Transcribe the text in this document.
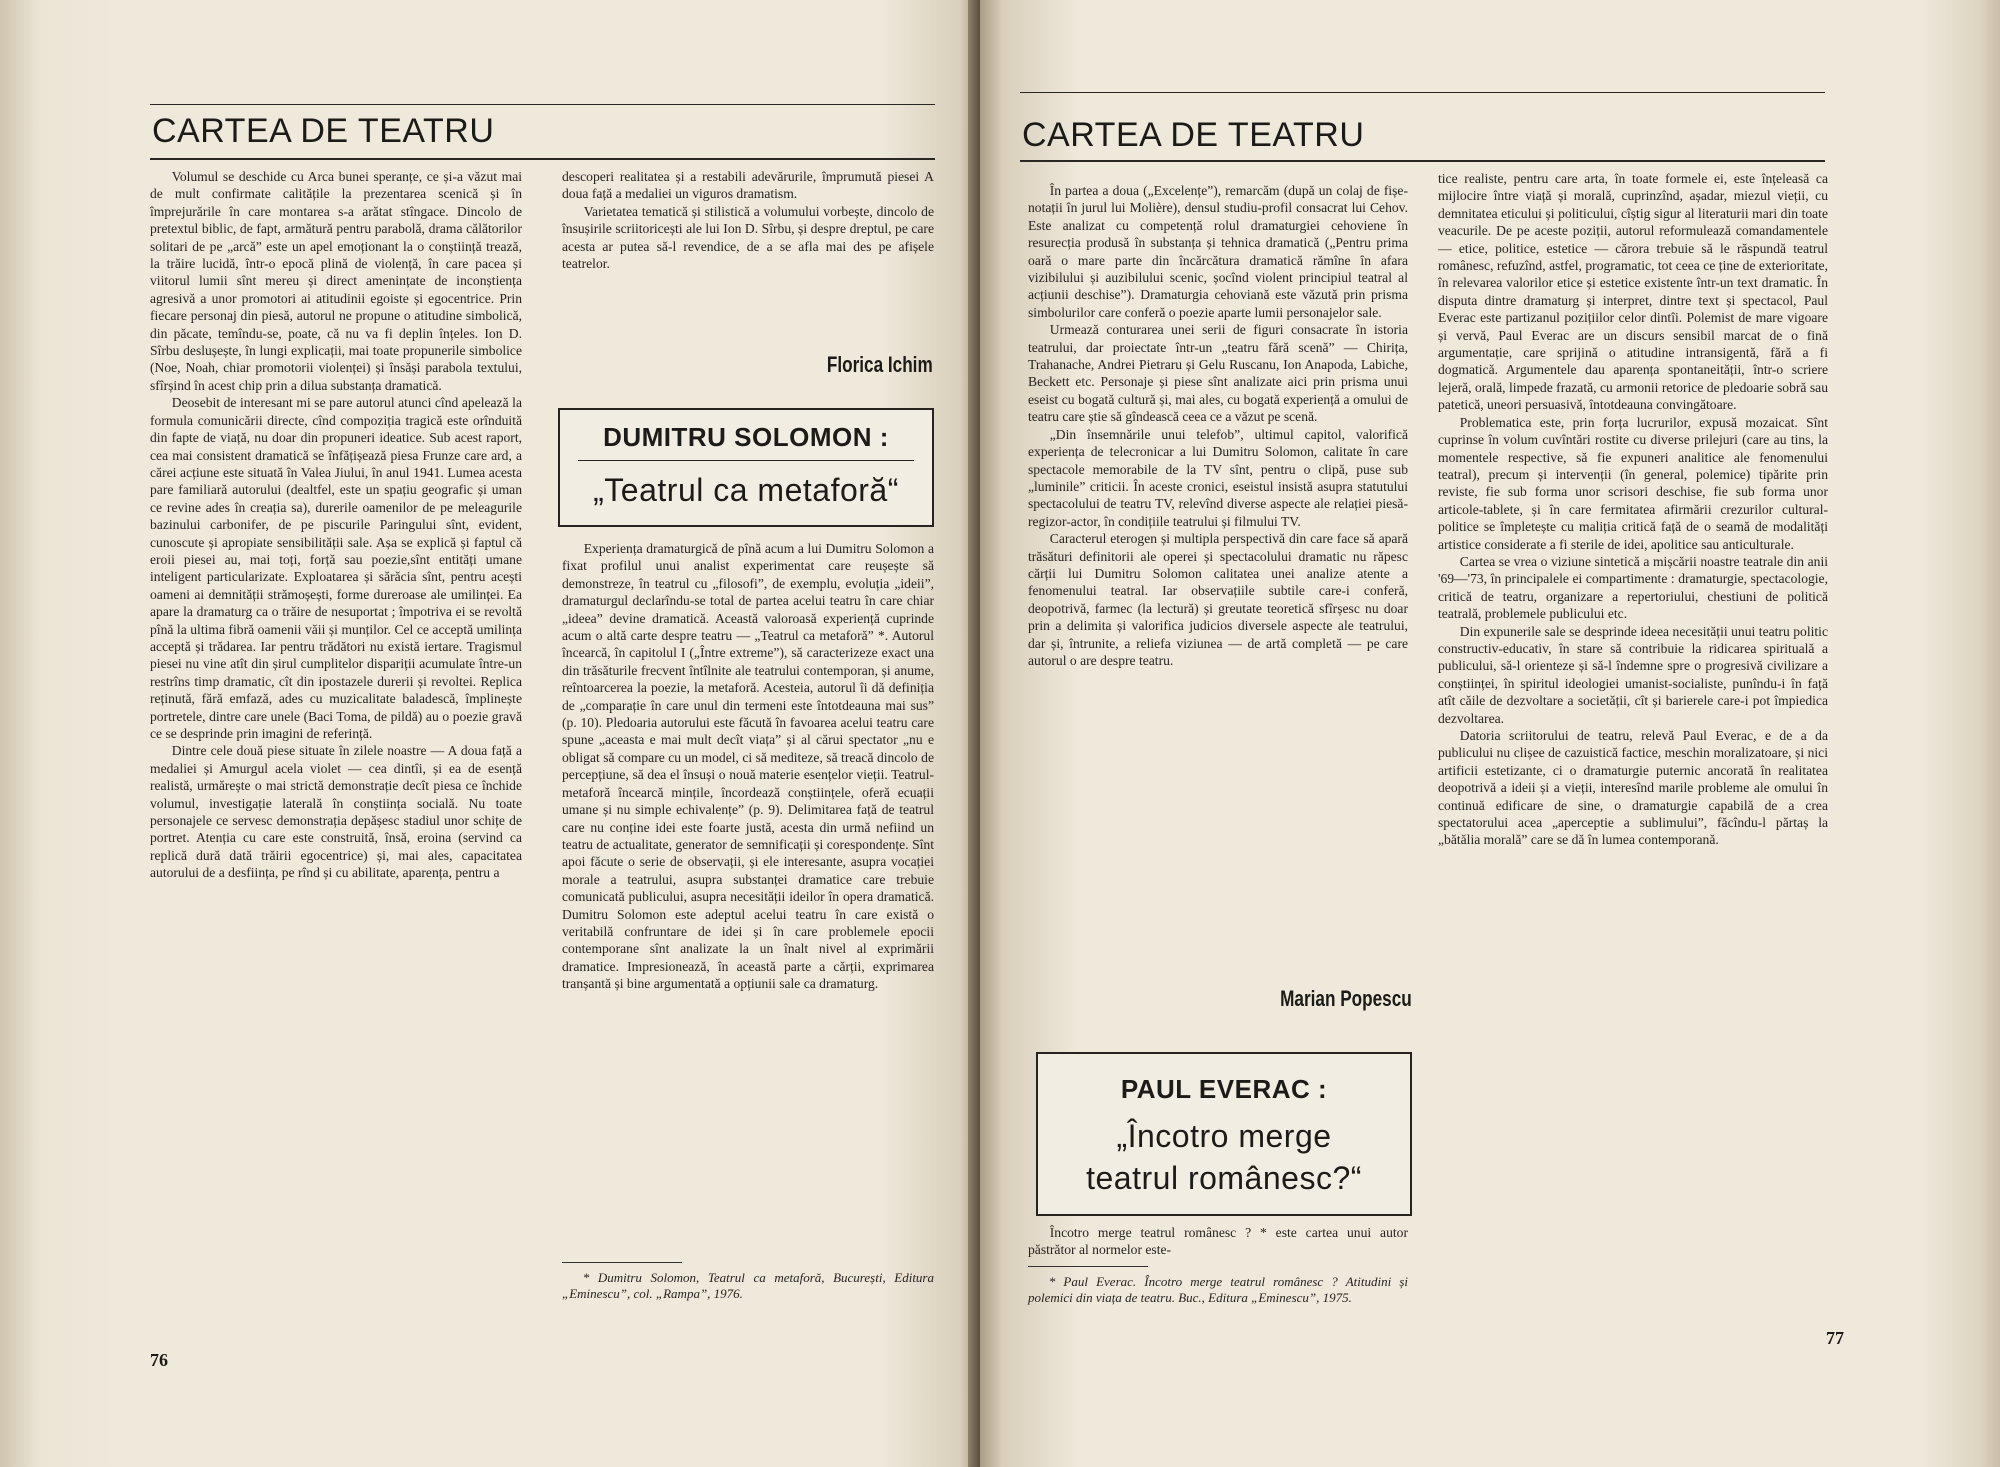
CARTEA DE TEATRU

Volumul se deschide cu Arca bunei speranțe, ce și-a văzut mai de mult confirmate calitățile la prezentarea scenică și în împrejurările în care montarea s-a arătat stîngace. Dincolo de pretextul biblic, de fapt, armătură pentru parabolă, drama călătorilor solitari de pe „arcă” este un apel emoționant la o conștiință trează, la trăire lucidă, într-o epocă plină de violență, în care pacea și viitorul lumii sînt mereu și direct amenințate de inconștiența agresivă a unor promotori ai atitudinii egoiste și egocentrice. Prin fiecare personaj din piesă, autorul ne propune o atitudine simbolică, din păcate, temîndu-se, poate, că nu va fi deplin înțeles. Ion D. Sîrbu deslușește, în lungi explicații, mai toate propunerile simbolice (Noe, Noah, chiar promotorii violenței) și însăși parabola textului, sfîrșind în acest chip prin a dilua substanța dramatică.

Deosebit de interesant mi se pare autorul atunci cînd apelează la formula comunicării directe, cînd compoziția tragică este orînduită din fapte de viață, nu doar din propuneri ideatice. Sub acest raport, cea mai consistent dramatică se înfățișează piesa Frunze care ard, a cărei acțiune este situată în Valea Jiului, în anul 1941. Lumea acesta pare familiară autorului (dealtfel, este un spațiu geografic și uman ce revine ades în creația sa), durerile oamenilor de pe meleagurile bazinului carbonifer, de pe piscurile Paringului sînt, evident, cunoscute și apropiate sensibilității sale. Așa se explică și faptul că eroii piesei au, mai toți, forță sau poezie,sînt entități umane inteligent particularizate. Exploatarea și sărăcia sînt, pentru acești oameni ai demnității strămoșești, forme dureroase ale umilinței. Ea apare la dramaturg ca o trăire de nesuportat ; împotriva ei se revoltă pînă la ultima fibră oamenii văii și munților. Cel ce acceptă umilința acceptă și trădarea. Iar pentru trădători nu există iertare. Tragismul piesei nu vine atît din șirul cumplitelor dispariții acumulate între-un restrîns timp dramatic, cît din ipostazele durerii și revoltei. Replica reținută, fără emfază, ades cu muzicalitate baladescă, împlinește portretele, dintre care unele (Baci Toma, de pildă) au o poezie gravă ce se desprinde prin imagini de referință.

Dintre cele două piese situate în zilele noastre — A doua față a medaliei și Amurgul acela violet — cea dintîi, și ea de esență realistă, urmărește o mai strictă demonstrație decît piesa ce închide volumul, investigație laterală în conștiința socială. Nu toate personajele ce servesc demonstrația depășesc stadiul unor schițe de portret. Atenția cu care este construită, însă, eroina (servind ca replică dură dată trăirii egocentrice) și, mai ales, capacitatea autorului de a desființa, pe rînd și cu abilitate, aparența, pentru a

descoperi realitatea și a restabili adevărurile, împrumută piesei A doua față a medaliei un viguros dramatism.

Varietatea tematică și stilistică a volumului vorbește, dincolo de însușirile scriitoricești ale lui Ion D. Sîrbu, și despre dreptul, pe care acesta ar putea să-l revendice, de a se afla mai des pe afișele teatrelor.

Florica Ichim
DUMITRU SOLOMON :
„Teatrul ca metaforă“

Experiența dramaturgică de pînă acum a lui Dumitru Solomon a fixat profilul unui analist experimentat care reușește să demonstreze, în teatrul cu „filosofi”, de exemplu, evoluția „ideii”, dramaturgul declarîndu-se total de partea acelui teatru în care chiar „ideea” devine dramatică. Această valoroasă experiență cuprinde acum o altă carte despre teatru — „Teatrul ca metaforă” *. Autorul încearcă, în capitolul I („Între extreme”), să caracterizeze exact una din trăsăturile frecvent întîlnite ale teatrului contemporan, și anume, reîntoarcerea la poezie, la metaforă. Acesteia, autorul îi dă definiția de „comparație în care unul din termeni este întotdeauna mai sus” (p. 10). Pledoaria autorului este făcută în favoarea acelui teatru care spune „aceasta e mai mult decît viața” și al cărui spectator „nu e obligat să compare cu un model, ci să mediteze, să treacă dincolo de percepțiune, să dea el însuși o nouă materie esențelor vieții. Teatrul-metaforă încearcă mințile, încordează conștiințele, oferă ecuații umane și nu simple echivalențe” (p. 9). Delimitarea față de teatrul care nu conține idei este foarte justă, acesta din urmă nefiind un teatru de actualitate, generator de semnificații și corespondențe. Sînt apoi făcute o serie de observații, și ele interesante, asupra vocației morale a teatrului, asupra substanței dramatice care trebuie comunicată publicului, asupra necesității ideilor în opera dramatică. Dumitru Solomon este adeptul acelui teatru în care există o veritabilă confruntare de idei și în care problemele epocii contemporane sînt analizate la un înalt nivel al exprimării dramatice. Impresionează, în această parte a cărții, exprimarea tranșantă și bine argumentată a opțiunii sale ca dramaturg.

* Dumitru Solomon, Teatrul ca metaforă, București, Editura „Eminescu”, col. „Rampa”, 1976.

76
CARTEA DE TEATRU

În partea a doua („Excelențe”), remarcăm (după un colaj de fișe-notații în jurul lui Molière), densul studiu-profil consacrat lui Cehov. Este analizat cu competență rolul dramaturgiei cehoviene în resurecția produsă în substanța și tehnica dramatică („Pentru prima oară o mare parte din încărcătura dramatică rămîne în afara vizibilului și auzibilului scenic, șocînd violent principiul teatral al acțiunii deschise”). Dramaturgia cehoviană este văzută prin prisma simbolurilor care conferă o poezie aparte lumii personajelor sale.

Urmează conturarea unei serii de figuri consacrate în istoria teatrului, dar proiectate într-un „teatru fără scenă” — Chirița, Trahanache, Andrei Pietraru și Gelu Ruscanu, Ion Anapoda, Labiche, Beckett etc. Personaje și piese sînt analizate aici prin prisma unui eseist cu bogată cultură și, mai ales, cu bogată experiență a omului de teatru care știe să gîndească ceea ce a văzut pe scenă.

„Din însemnările unui telefob”, ultimul capitol, valorifică experiența de telecronicar a lui Dumitru Solomon, calitate în care spectacole memorabile de la TV sînt, pentru o clipă, puse sub „luminile” criticii. În aceste cronici, eseistul insistă asupra statutului spectacolului de teatru TV, relevînd diverse aspecte ale relației piesă-regizor-actor, în condițiile teatrului și filmului TV.

Caracterul eterogen și multipla perspectivă din care face să apară trăsături definitorii ale operei și spectacolului dramatic nu răpesc cărții lui Dumitru Solomon calitatea unei analize atente a fenomenului teatral. Iar observațiile subtile care-i conferă, deopotrivă, farmec (la lectură) și greutate teoretică sfîrșesc nu doar prin a delimita și valorifica judicios diversele aspecte ale teatrului, dar și, întrunite, a reliefa viziunea — de artă completă — pe care autorul o are despre teatru.

Marian Popescu
PAUL EVERAC :
„Încotro merge
teatrul românesc?“

Încotro merge teatrul românesc ? * este cartea unui autor păstrător al normelor este-

* Paul Everac. Încotro merge teatrul românesc ? Atitudini și polemici din viața de teatru. Buc., Editura „Eminescu”, 1975.

tice realiste, pentru care arta, în toate formele ei, este înțeleasă ca mijlocire între viață și morală, cuprinzînd, așadar, miezul vieții, cu demnitatea eticului și politicului, cîștig sigur al literaturii mari din toate veacurile. De pe aceste poziții, autorul reformulează comandamentele — etice, politice, estetice — cărora trebuie să le răspundă teatrul românesc, refuzînd, astfel, programatic, tot ceea ce ține de exterioritate, în relevarea valorilor etice și estetice existente într-un text dramatic. În disputa dintre dramaturg și interpret, dintre text și spectacol, Paul Everac este partizanul pozițiilor celor dintîi. Polemist de mare vigoare și vervă, Paul Everac are un discurs sensibil marcat de o fină argumentație, care sprijină o atitudine intransigentă, fără a fi dogmatică. Argumentele dau aparența spontaneității, într-o scriere lejeră, orală, limpede frazată, cu armonii retorice de pledoarie sobră sau patetică, uneori persuasivă, întotdeauna convingătoare.

Problematica este, prin forța lucrurilor, expusă mozaicat. Sînt cuprinse în volum cuvîntări rostite cu diverse prilejuri (care au tins, la momentele respective, să fie expuneri analitice ale fenomenului teatral), precum și intervenții (în general, polemice) tipărite prin reviste, fie sub forma unor scrisori deschise, fie sub forma unor articole-tablete, și în care fermitatea afirmării crezurilor cultural-politice se împletește cu maliția critică față de o seamă de modalități artistice considerate a fi sterile de idei, apolitice sau anticulturale.

Cartea se vrea o viziune sintetică a mișcării noastre teatrale din anii '69—'73, în principalele ei compartimente : dramaturgie, spectacologie, critică de teatru, organizare a repertoriului, chestiuni de politică teatrală, problemele publicului etc.

Din expunerile sale se desprinde ideea necesității unui teatru politic constructiv-educativ, în stare să contribuie la ridicarea spirituală a publicului, să-l orienteze și să-l îndemne spre o progresivă civilizare a conștiinței, în spiritul ideologiei umanist-socialiste, punîndu-i în față atît căile de dezvoltare a societății, cît și barierele care-i pot împiedica dezvoltarea.

Datoria scriitorului de teatru, relevă Paul Everac, e de a da publicului nu clișee de cazuistică factice, meschin moralizatoare, și nici artificii estetizante, ci o dramaturgie puternic ancorată în realitatea deopotrivă a ideii și a vieții, interesînd marile probleme ale omului în continuă edificare de sine, o dramaturgie capabilă de a crea spectatorului acea „aperceptie a sublimului”, făcîndu-l părtaș la „bătălia morală” care se dă în lumea contemporană.

77
